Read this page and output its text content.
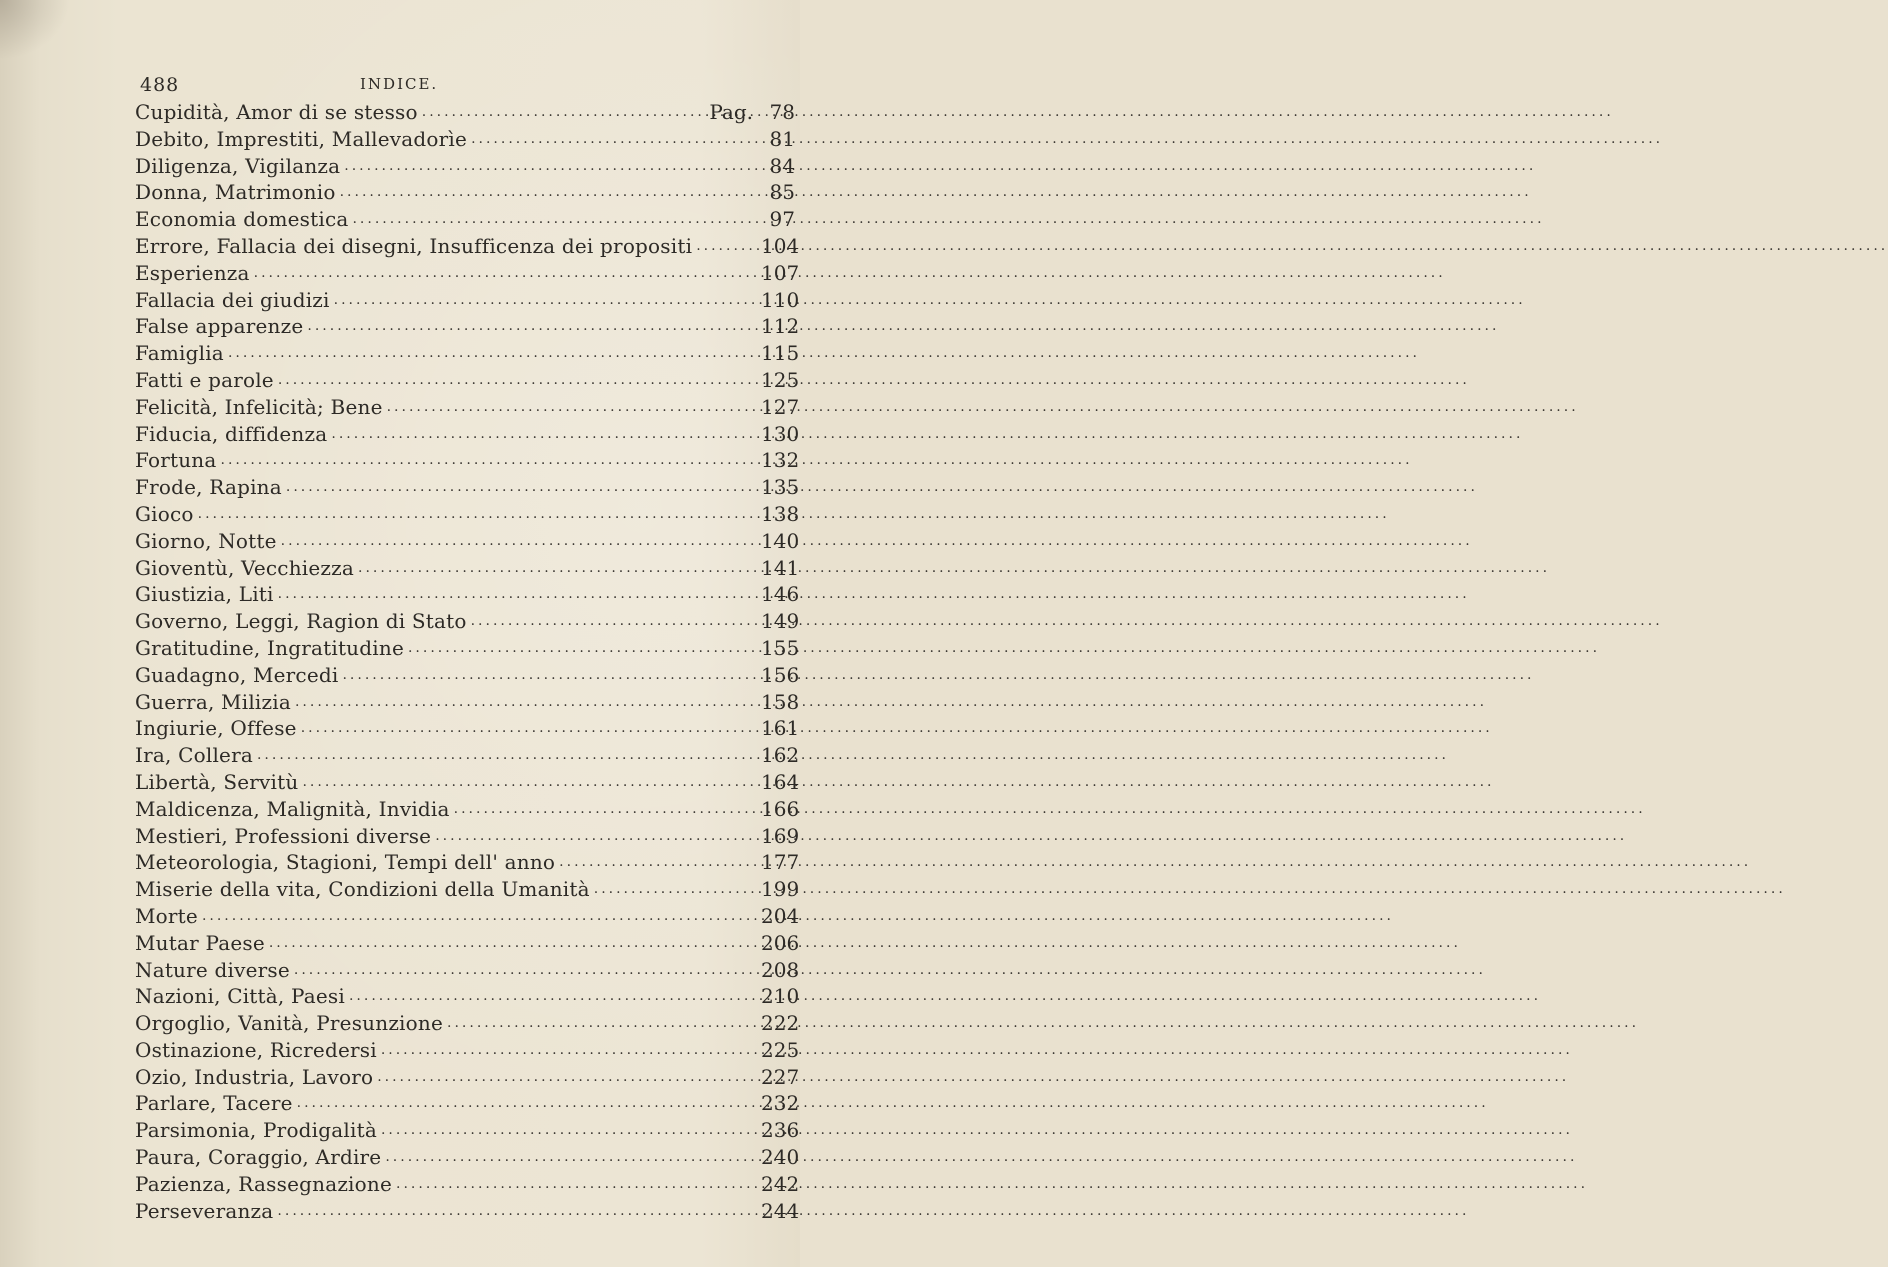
488	INDICE.
Cupidità, Amor di se stesso .....	Pag. 78
Debito, Imprestiti, Mallevadorìe .....	81
Diligenza, Vigilanza .....	84
Donna, Matrimonio .....	85
Economia domestica .....	97
Errore, Fallacia dei disegni, Insufficenza dei propositi .....	104
Esperienza .....	107
Fallacia dei giudizi .....	110
False apparenze .....	112
Famiglia .....	115
Fatti e parole .....	125
Felicità, Infelicità; Bene .....	127
Fiducia, diffidenza .....	130
Fortuna .....	132
Frode, Rapina .....	135
Gioco .....	138
Giorno, Notte .....	140
Gioventù, Vecchiezza .....	141
Giustizia, Liti .....	146
Governo, Leggi, Ragion di Stato .....	149
Gratitudine, Ingratitudine .....	155
Guadagno, Mercedi .....	156
Guerra, Milizia .....	158
Ingiurie, Offese .....	161
Ira, Collera .....	162
Libertà, Servitù .....	164
Maldicenza, Malignità, Invidia .....	166
Mestieri, Professioni diverse .....	169
Meteorologia, Stagioni, Tempi dell' anno .....	177
Miserie della vita, Condizioni della Umanità .....	199
Morte .....	204
Mutar Paese .....	206
Nature diverse .....	208
Nazioni, Città, Paesi .....	210
Orgoglio, Vanità, Presunzione .....	222
Ostinazione, Ricredersi .....	225
Ozio, Industria, Lavoro .....	227
Parlare, Tacere .....	232
Parsimonia, Prodigalità .....	236
Paura, Coraggio, Ardire .....	240
Pazienza, Rassegnazione .....	242
Perseveranza .....	244
